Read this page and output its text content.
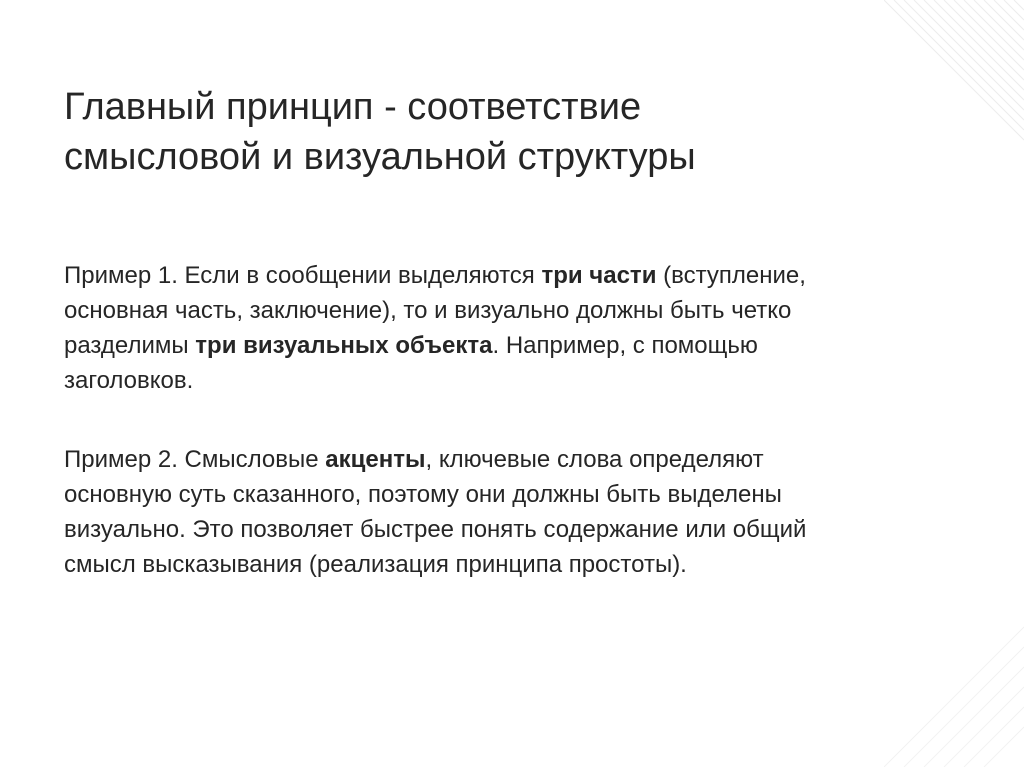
Главный принцип - соответствие
смысловой и визуальной структуры

Пример 1. Если в сообщении выделяются три части (вступление,
основная часть, заключение), то и визуально должны быть четко
разделимы три визуальных объекта. Например, с помощью
заголовков.

Пример 2. Смысловые акценты, ключевые слова определяют
основную суть сказанного, поэтому они должны быть выделены
визуально. Это позволяет быстрее понять содержание или общий
смысл высказывания (реализация принципа простоты).
